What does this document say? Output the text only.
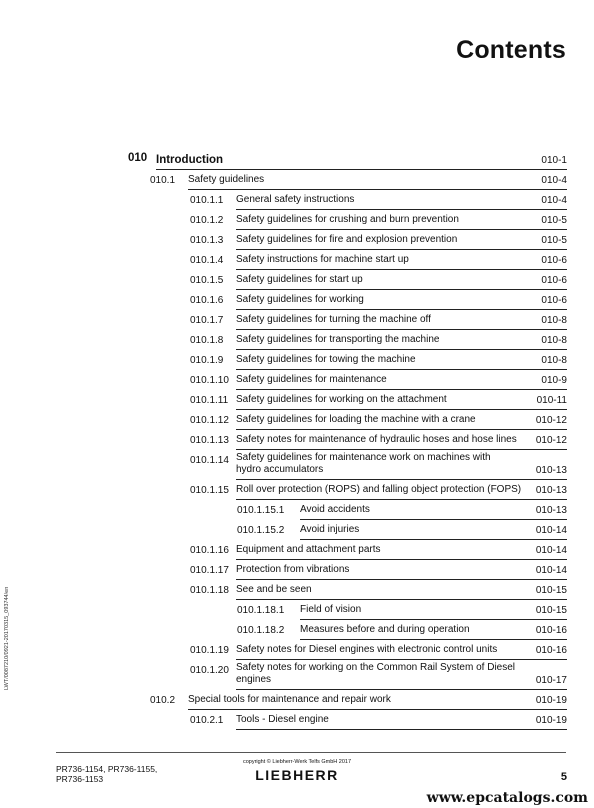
Contents
LWT/0087210/0921-20170315_093744/en
010 Introduction	010-1
010.1 Safety guidelines	010-4
010.1.1 General safety instructions	010-4
010.1.2 Safety guidelines for crushing and burn prevention	010-5
010.1.3 Safety guidelines for fire and explosion prevention	010-5
010.1.4 Safety instructions for machine start up	010-6
010.1.5 Safety guidelines for start up	010-6
010.1.6 Safety guidelines for working	010-6
010.1.7 Safety guidelines for turning the machine off	010-8
010.1.8 Safety guidelines for transporting the machine	010-8
010.1.9 Safety guidelines for towing the machine	010-8
010.1.10 Safety guidelines for maintenance	010-9
010.1.11 Safety guidelines for working on the attachment	010-11
010.1.12 Safety guidelines for loading the machine with a crane	010-12
010.1.13 Safety notes for maintenance of hydraulic hoses and hose lines 010-12
010.1.14 Safety guidelines for maintenance work on machines with hydro accumulators	010-13
010.1.15 Roll over protection (ROPS) and falling object protection (FOPS) 010-13
010.1.15.1 Avoid accidents	010-13
010.1.15.2 Avoid injuries	010-14
010.1.16 Equipment and attachment parts	010-14
010.1.17 Protection from vibrations	010-14
010.1.18 See and be seen	010-15
010.1.18.1 Field of vision	010-15
010.1.18.2 Measures before and during operation	010-16
010.1.19 Safety notes for Diesel engines with electronic control units	010-16
010.1.20 Safety notes for working on the Common Rail System of Diesel engines	010-17
010.2 Special tools for maintenance and repair work	010-19
010.2.1 Tools - Diesel engine	010-19
PR736-1154, PR736-1155,
PR736-1153
copyright © Liebherr-Werk Telfs GmbH 2017
LIEBHERR	5
www.epcatalogs.com
